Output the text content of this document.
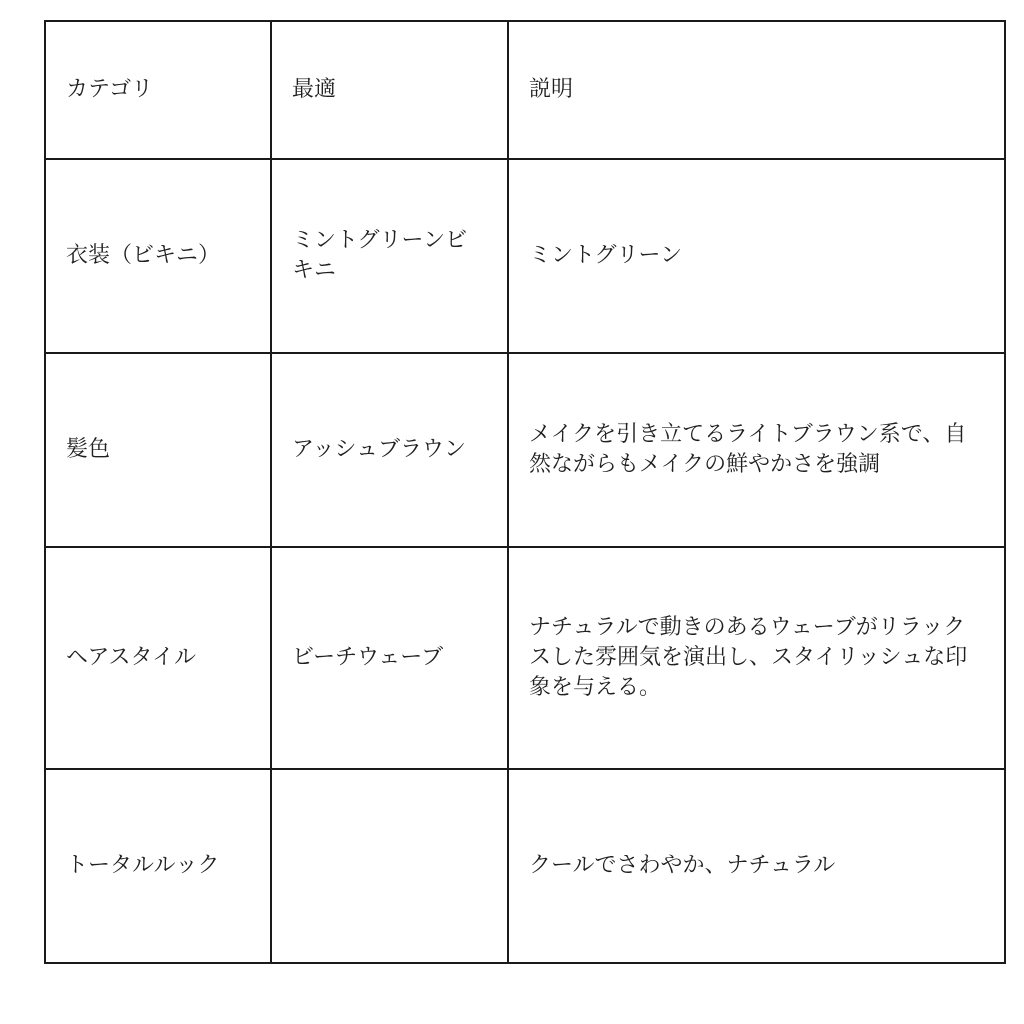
カテゴリ	最適	説明
衣装（ビキニ）	ミントグリーンビキニ	ミントグリーン
髪色	アッシュブラウン	メイクを引き立てるライトブラウン系で、自然ながらもメイクの鮮やかさを強調
ヘアスタイル	ビーチウェーブ	ナチュラルで動きのあるウェーブがリラックスした雰囲気を演出し、スタイリッシュな印象を与える。
トータルルック		クールでさわやか、ナチュラル
